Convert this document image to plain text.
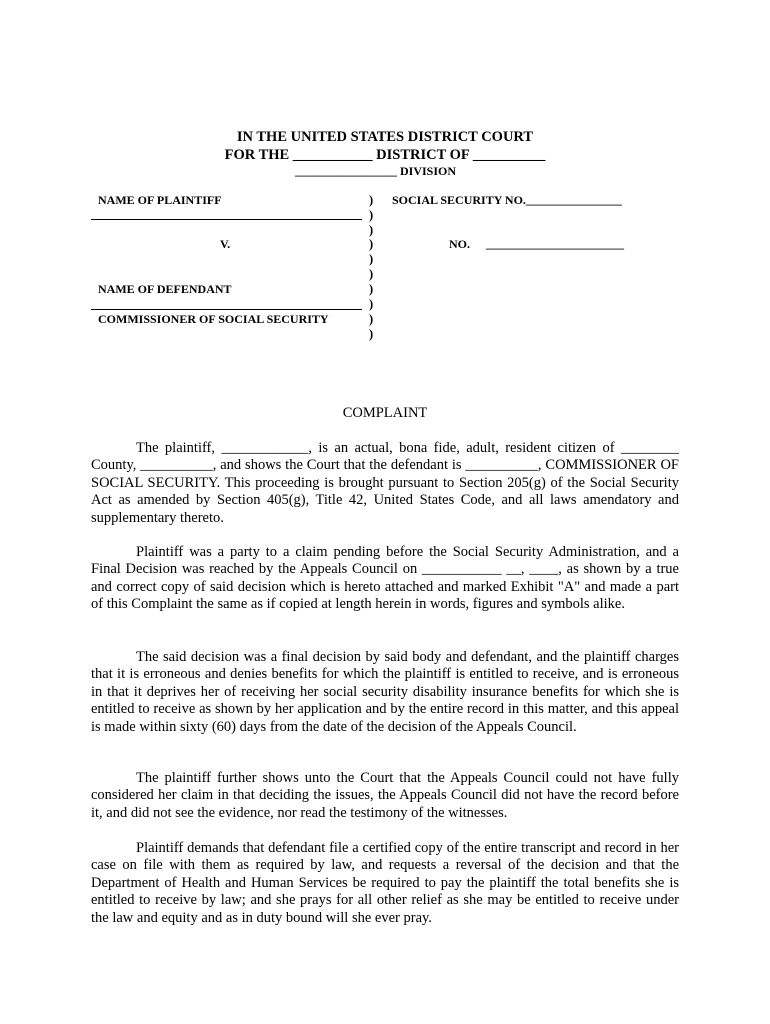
IN THE UNITED STATES DISTRICT COURT
FOR THE ___________ DISTRICT OF __________
_________________ DIVISION
NAME OF PLAINTIFF
V.
NAME OF DEFENDANT
COMMISSIONER OF SOCIAL SECURITY
)
)
)
)
)
)
)
)
)
)
SOCIAL SECURITY NO.________________
NO. _______________________
COMPLAINT

The plaintiff, ____________, is an actual, bona fide, adult, resident citizen of ________ County, __________, and shows the Court that the defendant is __________, COMMISSIONER OF SOCIAL SECURITY. This proceeding is brought pursuant to Section 205(g) of the Social Security Act as amended by Section 405(g), Title 42, United States Code, and all laws amendatory and supplementary thereto.

Plaintiff was a party to a claim pending before the Social Security Administration, and a Final Decision was reached by the Appeals Council on ___________ __, ____, as shown by a true and correct copy of said decision which is hereto attached and marked Exhibit "A" and made a part of this Complaint the same as if copied at length herein in words, figures and symbols alike.

The said decision was a final decision by said body and defendant, and the plaintiff charges that it is erroneous and denies benefits for which the plaintiff is entitled to receive, and is erroneous in that it deprives her of receiving her social security disability insurance benefits for which she is entitled to receive as shown by her application and by the entire record in this matter, and this appeal is made within sixty (60) days from the date of the decision of the Appeals Council.

The plaintiff further shows unto the Court that the Appeals Council could not have fully considered her claim in that deciding the issues, the Appeals Council did not have the record before it, and did not see the evidence, nor read the testimony of the witnesses.

Plaintiff demands that defendant file a certified copy of the entire transcript and record in her case on file with them as required by law, and requests a reversal of the decision and that the Department of Health and Human Services be required to pay the plaintiff the total benefits she is entitled to receive by law; and she prays for all other relief as she may be entitled to receive under the law and equity and as in duty bound will she ever pray.
